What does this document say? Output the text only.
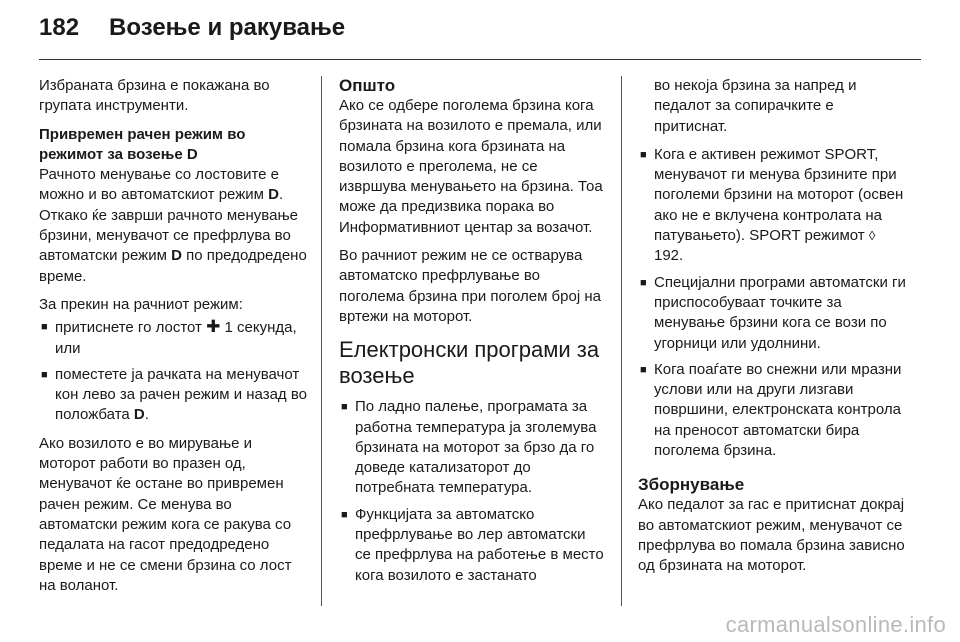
182 Возење и ракување

Избраната брзина е покажана во групата инструменти.

Привремен рачен режим во режимот за возење D

Рачното менување со лостовите е можно и во автоматскиот режим D. Откако ќе заврши рачното менување брзини, менувачот се префрлува во автоматски режим D по предодредено време.

За прекин на рачниот режим:
■ притиснете го лостот ✚ 1 секунда, или
■ поместете ја рачката на менувачот кон лево за рачен режим и назад во положбата D.

Ако возилото е во мирување и моторот работи во празен од, менувачот ќе остане во привремен рачен режим. Се менува во автоматски режим кога се ракува со педалата на гасот предодредено време и не се смени брзина со лост на воланот.

Општо

Ако се одбере поголема брзина кога брзината на возилото е премала, или помала брзина кога брзината на возилото е преголема, не се извршува менувањето на брзина. Тоа може да предизвика порака во Информативниот центар за возачот.

Во рачниот режим не се остварува автоматско префрлување во поголема брзина при поголем број на вртежи на моторот.

Електронски програми за возење
■ По ладно палење, програмата за работна температура ја зголемува брзината на моторот за брзо да го доведе катализаторот до потребната температура.
■ Функцијата за автоматско префрлување во лер автоматски се префрлува на работење в место кога возилото е застанато

во некоја брзина за напред и педалот за сопирачките е притиснат.

■ Кога е активен режимот SPORT, менувачот ги менува брзините при поголеми брзини на моторот (освен ако не е вклучена контролата на патувањето). SPORT режимот ◊ 192.
■ Специјални програми автоматски ги приспособуваат точките за менување брзини кога се вози по угорници или удолнини.
■ Кога поаѓате во снежни или мразни услови или на други лизгави површини, електронската контрола на преносот автоматски бира поголема брзина.
Зборнување

Ако педалот за гас е притиснат докрај во автоматскиот режим, менувачот се префрлува во помала брзина зависно од брзината на моторот.

carmanualsonline.info
